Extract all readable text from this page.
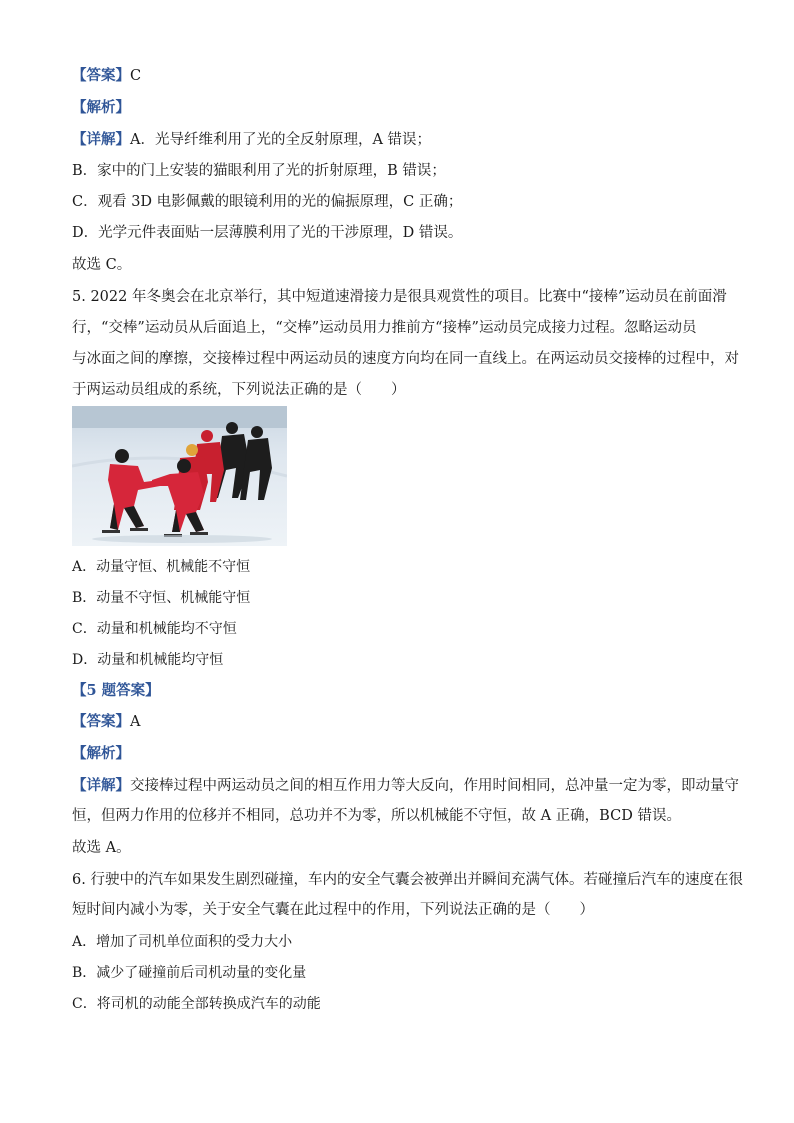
【答案】C
【解析】
【详解】A．光导纤维利用了光的全反射原理，A 错误；
B．家中的门上安装的猫眼利用了光的折射原理，B 错误；
C．观看 3D 电影佩戴的眼镜利用的光的偏振原理，C 正确；
D．光学元件表面贴一层薄膜利用了光的干涉原理，D 错误。
故选 C。
5. 2022 年冬奥会在北京举行，其中短道速滑接力是很具观赏性的项目。比赛中“接棒”运动员在前面滑
行，“交棒”运动员从后面追上，“交棒”运动员用力推前方“接棒”运动员完成接力过程。忽略运动员
与冰面之间的摩擦，交接棒过程中两运动员的速度方向均在同一直线上。在两运动员交接棒的过程中，对
于两运动员组成的系统，下列说法正确的是（　　）
A．动量守恒、机械能不守恒
B．动量不守恒、机械能守恒
C．动量和机械能均不守恒
D．动量和机械能均守恒
【5 题答案】
【答案】A
【解析】
【详解】交接棒过程中两运动员之间的相互作用力等大反向，作用时间相同，总冲量一定为零，即动量守
恒，但两力作用的位移并不相同，总功并不为零，所以机械能不守恒，故 A 正确，BCD 错误。
故选 A。
6. 行驶中的汽车如果发生剧烈碰撞，车内的安全气囊会被弹出并瞬间充满气体。若碰撞后汽车的速度在很
短时间内减小为零，关于安全气囊在此过程中的作用，下列说法正确的是（　　）
A．增加了司机单位面积的受力大小
B．减少了碰撞前后司机动量的变化量
C．将司机的动能全部转换成汽车的动能
